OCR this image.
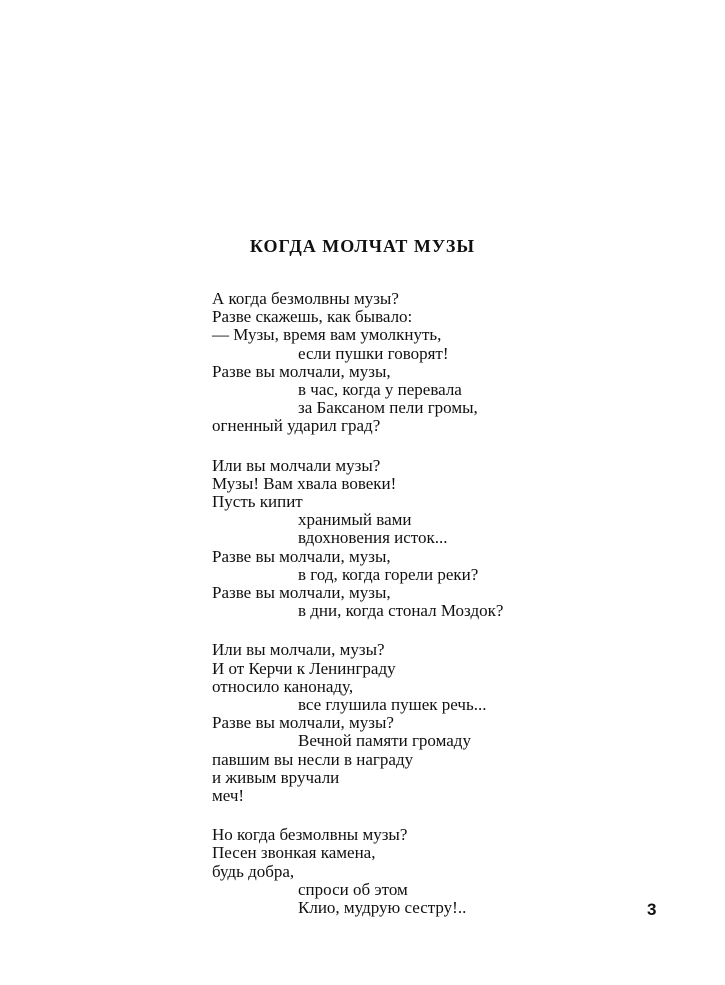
КОГДА МОЛЧАТ МУЗЫ
А когда безмолвны музы?
Разве скажешь, как бывало:
— Музы, время вам умолкнуть,
если пушки говорят!
Разве вы молчали, музы,
в час, когда у перевала
за Баксаном пели громы,
огненный ударил град?
Или вы молчали музы?
Музы! Вам хвала вовеки!
Пусть кипит
хранимый вами
вдохновения исток...
Разве вы молчали, музы,
в год, когда горели реки?
Разве вы молчали, музы,
в дни, когда стонал Моздок?
Или вы молчали, музы?
И от Керчи к Ленинграду
относило канонаду,
все глушила пушек речь...
Разве вы молчали, музы?
Вечной памяти громаду
павшим вы несли в награду
и живым вручали
меч!
Но когда безмолвны музы?
Песен звонкая камена,
будь добра,
спроси об этом
Клио, мудрую сестру!..	3
